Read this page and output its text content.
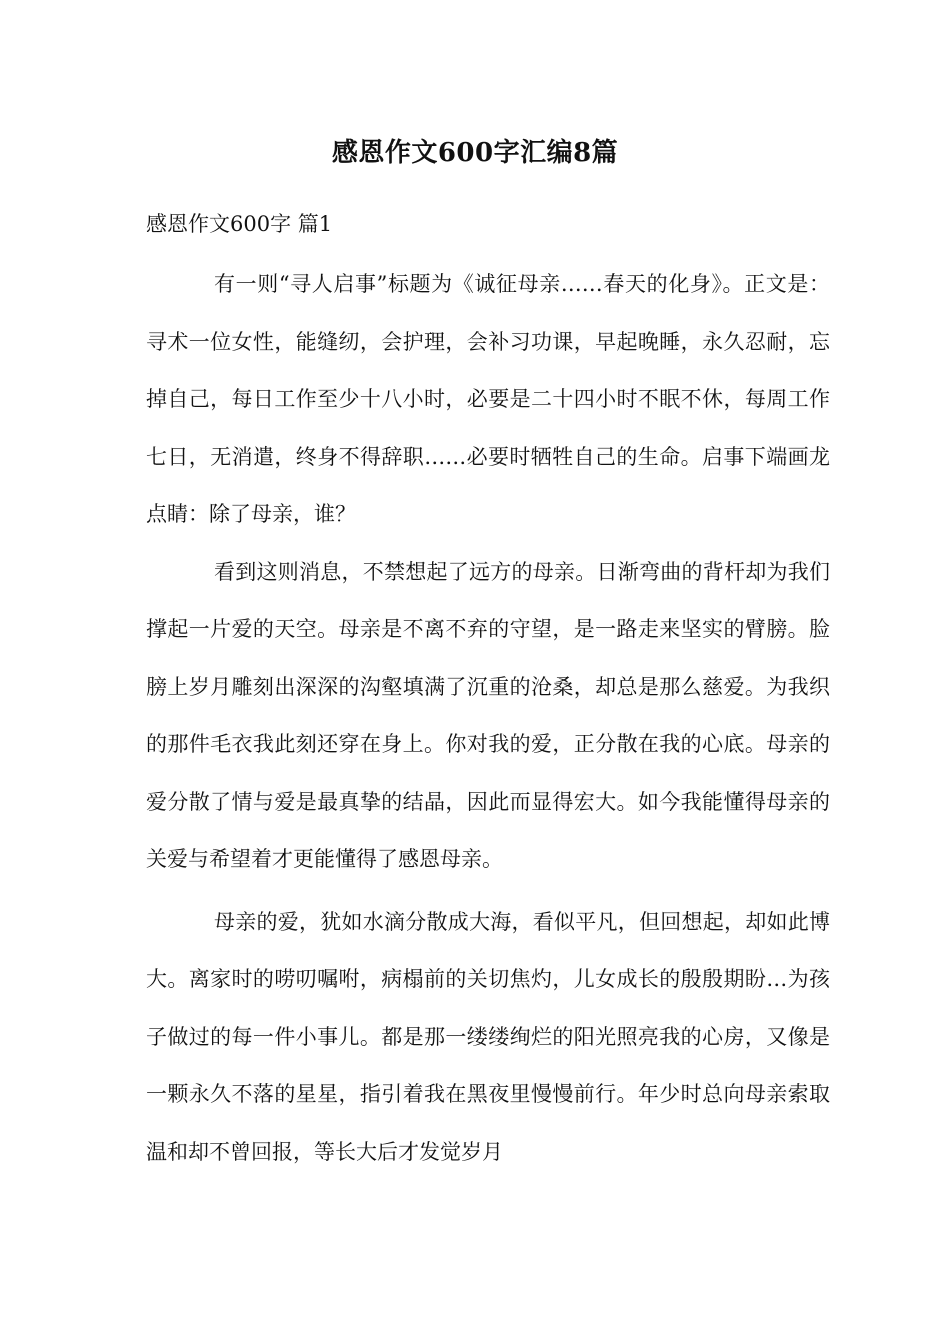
感恩作文600字汇编8篇

感恩作文600字 篇1

有一则“寻人启事”标题为《诚征母亲……春天的化身》。正文是：寻术一位女性，能缝纫，会护理，会补习功课，早起晚睡，永久忍耐，忘掉自己，每日工作至少十八小时，必要是二十四小时不眠不休，每周工作七日，无消遣，终身不得辞职……必要时牺牲自己的生命。启事下端画龙点睛：除了母亲，谁？

看到这则消息，不禁想起了远方的母亲。日渐弯曲的背杆却为我们撑起一片爱的天空。母亲是不离不弃的守望，是一路走来坚实的臂膀。脸膀上岁月雕刻出深深的沟壑填满了沉重的沧桑，却总是那么慈爱。为我织的那件毛衣我此刻还穿在身上。你对我的爱，正分散在我的心底。母亲的爱分散了情与爱是最真挚的结晶，因此而显得宏大。如今我能懂得母亲的关爱与希望着才更能懂得了感恩母亲。

母亲的爱，犹如水滴分散成大海，看似平凡，但回想起，却如此博大。离家时的唠叨嘱咐，病榻前的关切焦灼，儿女成长的殷殷期盼…为孩子做过的每一件小事儿。都是那一缕缕绚烂的阳光照亮我的心房，又像是一颗永久不落的星星，指引着我在黑夜里慢慢前行。年少时总向母亲索取温和却不曾回报，等长大后才发觉岁月
